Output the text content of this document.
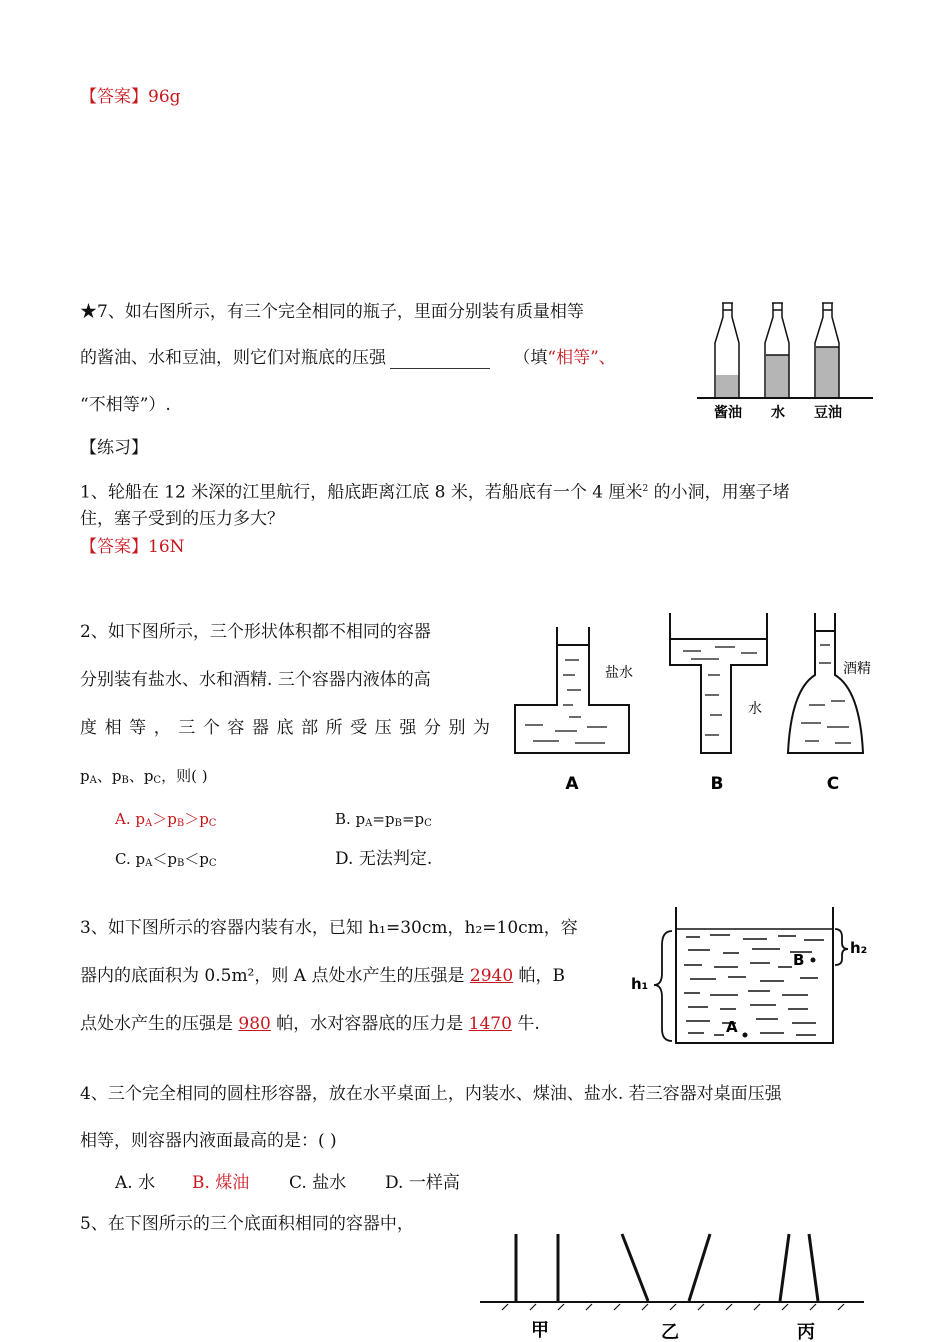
【答案】96g
★7、如右图所示，有三个完全相同的瓶子，里面分别装有质量相等
的酱油、水和豆油，则它们对瓶底的压强	（填“相等”、
“不相等”）.	酱油 水 豆油
【练习】
1、轮船在 12 米深的江里航行，船底距离江底 8 米，若船底有一个 4 厘米$^2$ 的小洞，用塞子堵
住，塞子受到的压力多大？
【答案】16N
2、如下图所示，三个形状体积都不相同的容器
分别装有盐水、水和酒精. 三个容器内液体的高
度 相 等 ， 三 个 容 器 底 部 所 受 压 强 分 别 为
$p_A$、$p_B$、$p_C$，则( )
A. $p_A>p_B>p_C$	B. $p_A=p_B=p_C$
C. $p_A<p_B<p_C$	D. 无法判定.
盐水
水
酒精
A	B	C
3、如下图所示的容器内装有水，已知 h₁=30cm，h₂=10cm，容
器内的底面积为 0.5m²，则 A 点处水产生的压强是 2940 帕，B
点处水产生的压强是 980 帕，水对容器底的压力是 1470 牛.
B
A
h₁
h₂
4、三个完全相同的圆柱形容器，放在水平桌面上，内装水、煤油、盐水. 若三容器对桌面压强
相等，则容器内液面最高的是：( )
A. 水 B. 煤油 C. 盐水 D. 一样高
5、在下图所示的三个底面积相同的容器中，
甲	乙	丙
